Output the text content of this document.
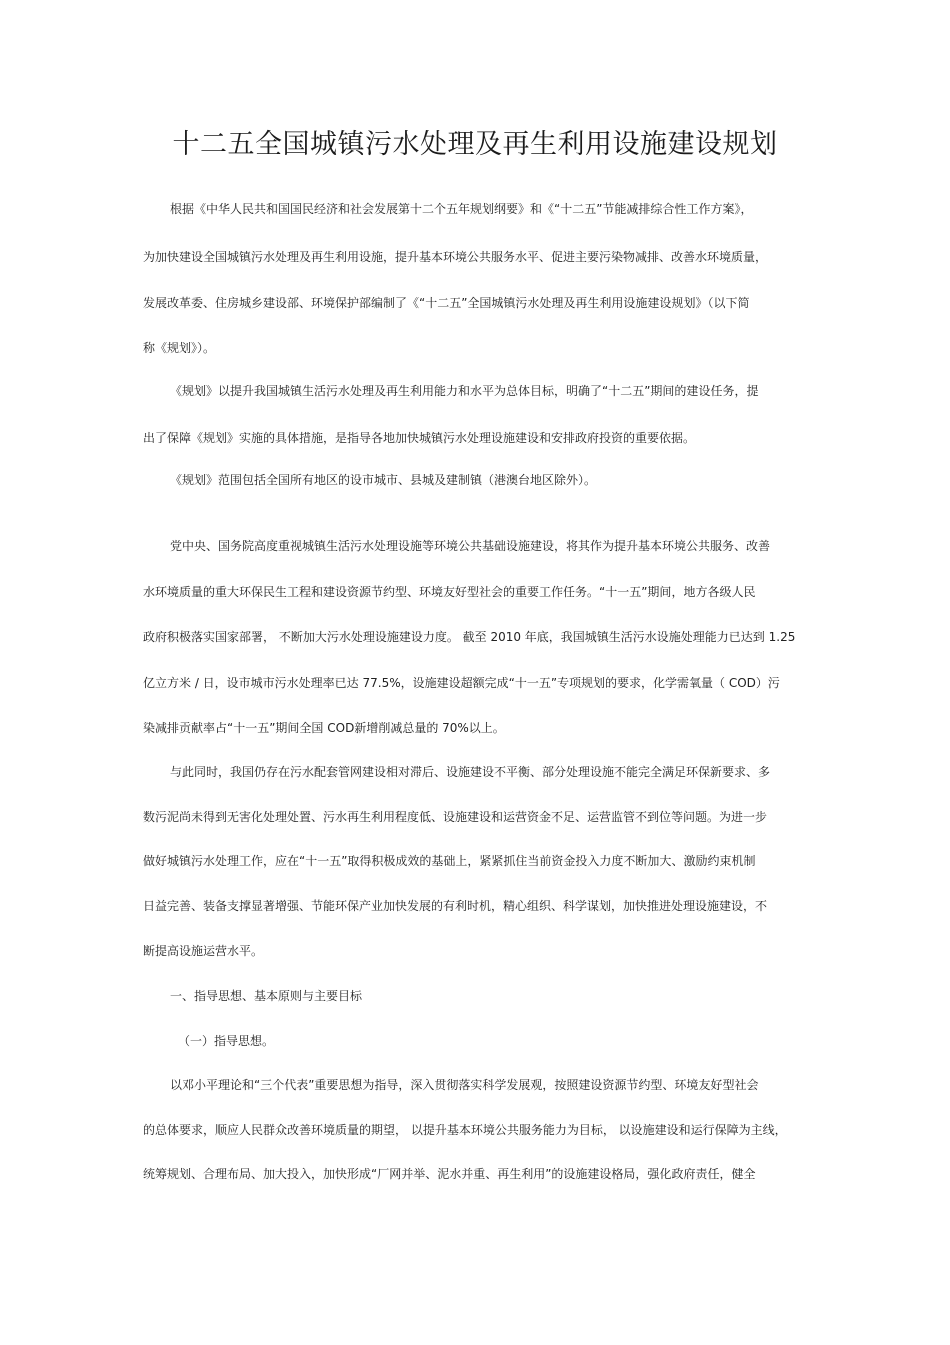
十二五全国城镇污水处理及再生利用设施建设规划
根据《中华人民共和国国民经济和社会发展第十二个五年规划纲要》和《“十二五”节能减排综合性工作方案》，
为加快建设全国城镇污水处理及再生利用设施，提升基本环境公共服务水平、促进主要污染物减排、改善水环境质量，
发展改革委、住房城乡建设部、环境保护部编制了《“十二五”全国城镇污水处理及再生利用设施建设规划》（以下简
称《规划》）。
《规划》以提升我国城镇生活污水处理及再生利用能力和水平为总体目标，明确了“十二五”期间的建设任务，提
出了保障《规划》实施的具体措施，是指导各地加快城镇污水处理设施建设和安排政府投资的重要依据。
《规划》范围包括全国所有地区的设市城市、县城及建制镇（港澳台地区除外）。
党中央、国务院高度重视城镇生活污水处理设施等环境公共基础设施建设，将其作为提升基本环境公共服务、改善
水环境质量的重大环保民生工程和建设资源节约型、环境友好型社会的重要工作任务。“十一五”期间，地方各级人民
政府积极落实国家部署， 不断加大污水处理设施建设力度。 截至 2010 年底，我国城镇生活污水设施处理能力已达到 1.25
亿立方米 / 日，设市城市污水处理率已达 77.5%，设施建设超额完成“十一五”专项规划的要求，化学需氧量（ COD）污
染减排贡献率占“十一五”期间全国 COD新增削减总量的 70%以上。
与此同时，我国仍存在污水配套管网建设相对滞后、设施建设不平衡、部分处理设施不能完全满足环保新要求、多
数污泥尚未得到无害化处理处置、污水再生利用程度低、设施建设和运营资金不足、运营监管不到位等问题。为进一步
做好城镇污水处理工作，应在“十一五”取得积极成效的基础上，紧紧抓住当前资金投入力度不断加大、激励约束机制
日益完善、装备支撑显著增强、节能环保产业加快发展的有利时机，精心组织、科学谋划，加快推进处理设施建设，不
断提高设施运营水平。
一、指导思想、基本原则与主要目标
（一）指导思想。
以邓小平理论和“三个代表”重要思想为指导，深入贯彻落实科学发展观，按照建设资源节约型、环境友好型社会
的总体要求，顺应人民群众改善环境质量的期望， 以提升基本环境公共服务能力为目标， 以设施建设和运行保障为主线，
统筹规划、合理布局、加大投入，加快形成“厂网并举、泥水并重、再生利用”的设施建设格局，强化政府责任，健全
